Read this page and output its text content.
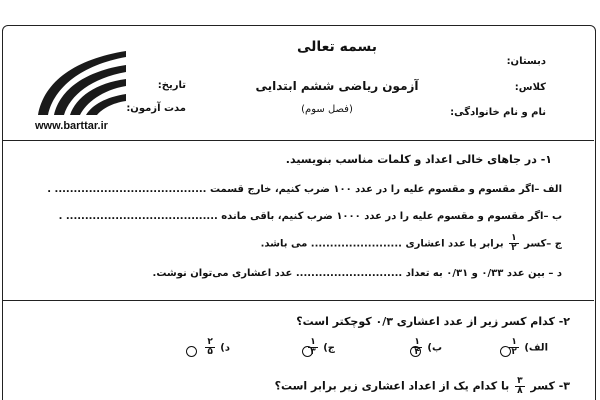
بسمه تعالی
آزمون ریاضی ششم ابتدایی
(فصل سوم)
دبستان:
کلاس:
نام و نام خانوادگی:
تاریخ:
مدت آزمون:
www.barttar.ir
۱- در جاهای خالی اعداد و کلمات مناسب بنویسید.
الف –اگر مقسوم و مقسوم علیه را در عدد ۱۰۰ ضرب کنیم، خارج قسمت ........................................ .
ب –اگر مقسوم و مقسوم علیه را در عدد ۱۰۰۰ ضرب کنیم، باقی مانده ........................................ .
ج –کسر
$\frac{۱}{۲}$
برابر با عدد اعشاری ........................ می باشد.
د – بین عدد ۰/۳۳ و ۰/۳۱ به تعداد ............................ عدد اعشاری می‌توان نوشت.
۲- کدام کسر زیر از عدد اعشاری ۰/۳ کوچکتر است؟
الف)
$\frac{۱}{۲}$
ب)
$\frac{۱}{۴}$
ج)
$\frac{۱}{۳}$
د)
$\frac{۲}{۵}$
۳- کسر
$\frac{۳}{۸}$
با کدام یک از اعداد اعشاری زیر برابر است؟
